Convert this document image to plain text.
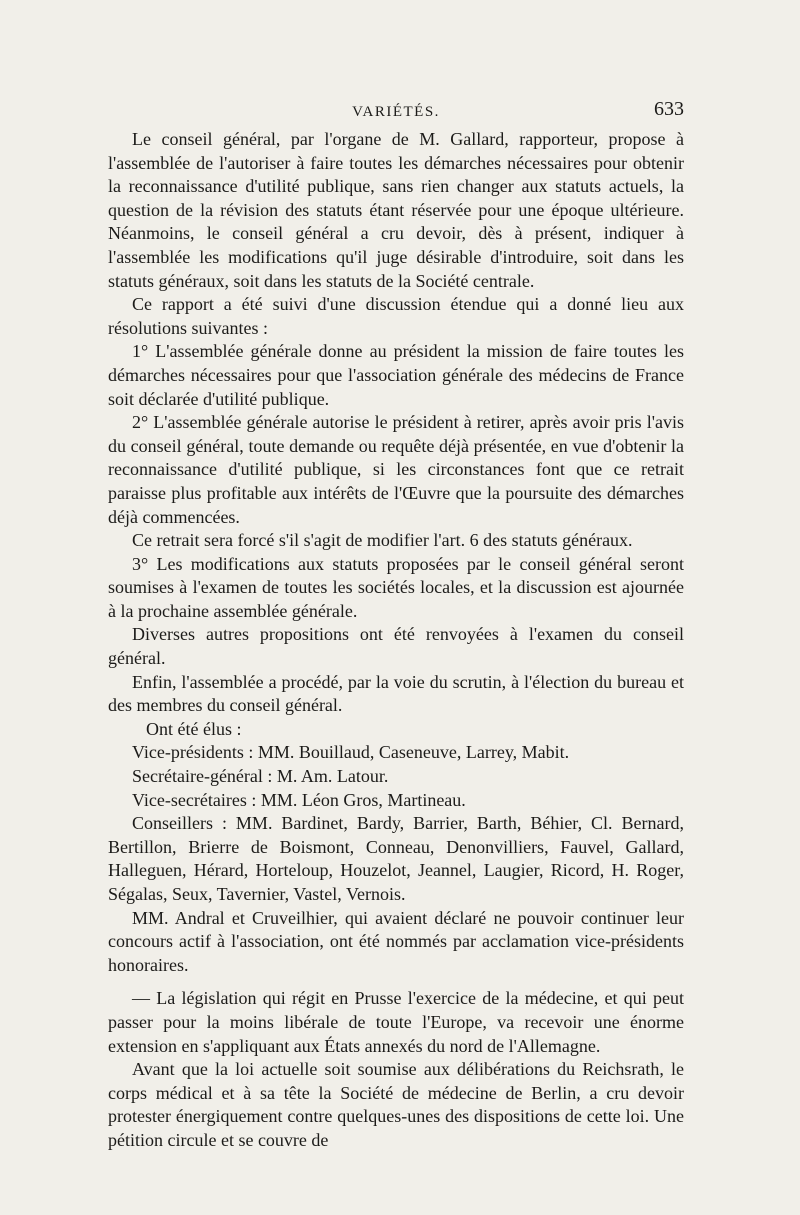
VARIÉTÉS.	633

Le conseil général, par l'organe de M. Gallard, rapporteur, propose à l'assemblée de l'autoriser à faire toutes les démarches nécessaires pour obtenir la reconnaissance d'utilité publique, sans rien changer aux statuts actuels, la question de la révision des statuts étant réservée pour une époque ultérieure. Néanmoins, le conseil général a cru devoir, dès à présent, indiquer à l'assemblée les modifications qu'il juge désirable d'introduire, soit dans les statuts généraux, soit dans les statuts de la Société centrale.

Ce rapport a été suivi d'une discussion étendue qui a donné lieu aux résolutions suivantes :

1° L'assemblée générale donne au président la mission de faire toutes les démarches nécessaires pour que l'association générale des médecins de France soit déclarée d'utilité publique.

2° L'assemblée générale autorise le président à retirer, après avoir pris l'avis du conseil général, toute demande ou requête déjà présentée, en vue d'obtenir la reconnaissance d'utilité publique, si les circonstances font que ce retrait paraisse plus profitable aux intérêts de l'Œuvre que la poursuite des démarches déjà commencées.

Ce retrait sera forcé s'il s'agit de modifier l'art. 6 des statuts généraux.

3° Les modifications aux statuts proposées par le conseil général seront soumises à l'examen de toutes les sociétés locales, et la discussion est ajournée à la prochaine assemblée générale.

Diverses autres propositions ont été renvoyées à l'examen du conseil général.

Enfin, l'assemblée a procédé, par la voie du scrutin, à l'élection du bureau et des membres du conseil général.

Ont été élus :

Vice-présidents : MM. Bouillaud, Caseneuve, Larrey, Mabit.

Secrétaire-général : M. Am. Latour.

Vice-secrétaires : MM. Léon Gros, Martineau.

Conseillers : MM. Bardinet, Bardy, Barrier, Barth, Béhier, Cl. Bernard, Bertillon, Brierre de Boismont, Conneau, Denonvilliers, Fauvel, Gallard, Halleguen, Hérard, Horteloup, Houzelot, Jeannel, Laugier, Ricord, H. Roger, Ségalas, Seux, Tavernier, Vastel, Vernois.

MM. Andral et Cruveilhier, qui avaient déclaré ne pouvoir continuer leur concours actif à l'association, ont été nommés par acclamation vice-présidents honoraires.

— La législation qui régit en Prusse l'exercice de la médecine, et qui peut passer pour la moins libérale de toute l'Europe, va recevoir une énorme extension en s'appliquant aux États annexés du nord de l'Allemagne.

Avant que la loi actuelle soit soumise aux délibérations du Reichsrath, le corps médical et à sa tête la Société de médecine de Berlin, a cru devoir protester énergiquement contre quelques-unes des dispositions de cette loi. Une pétition circule et se couvre de
